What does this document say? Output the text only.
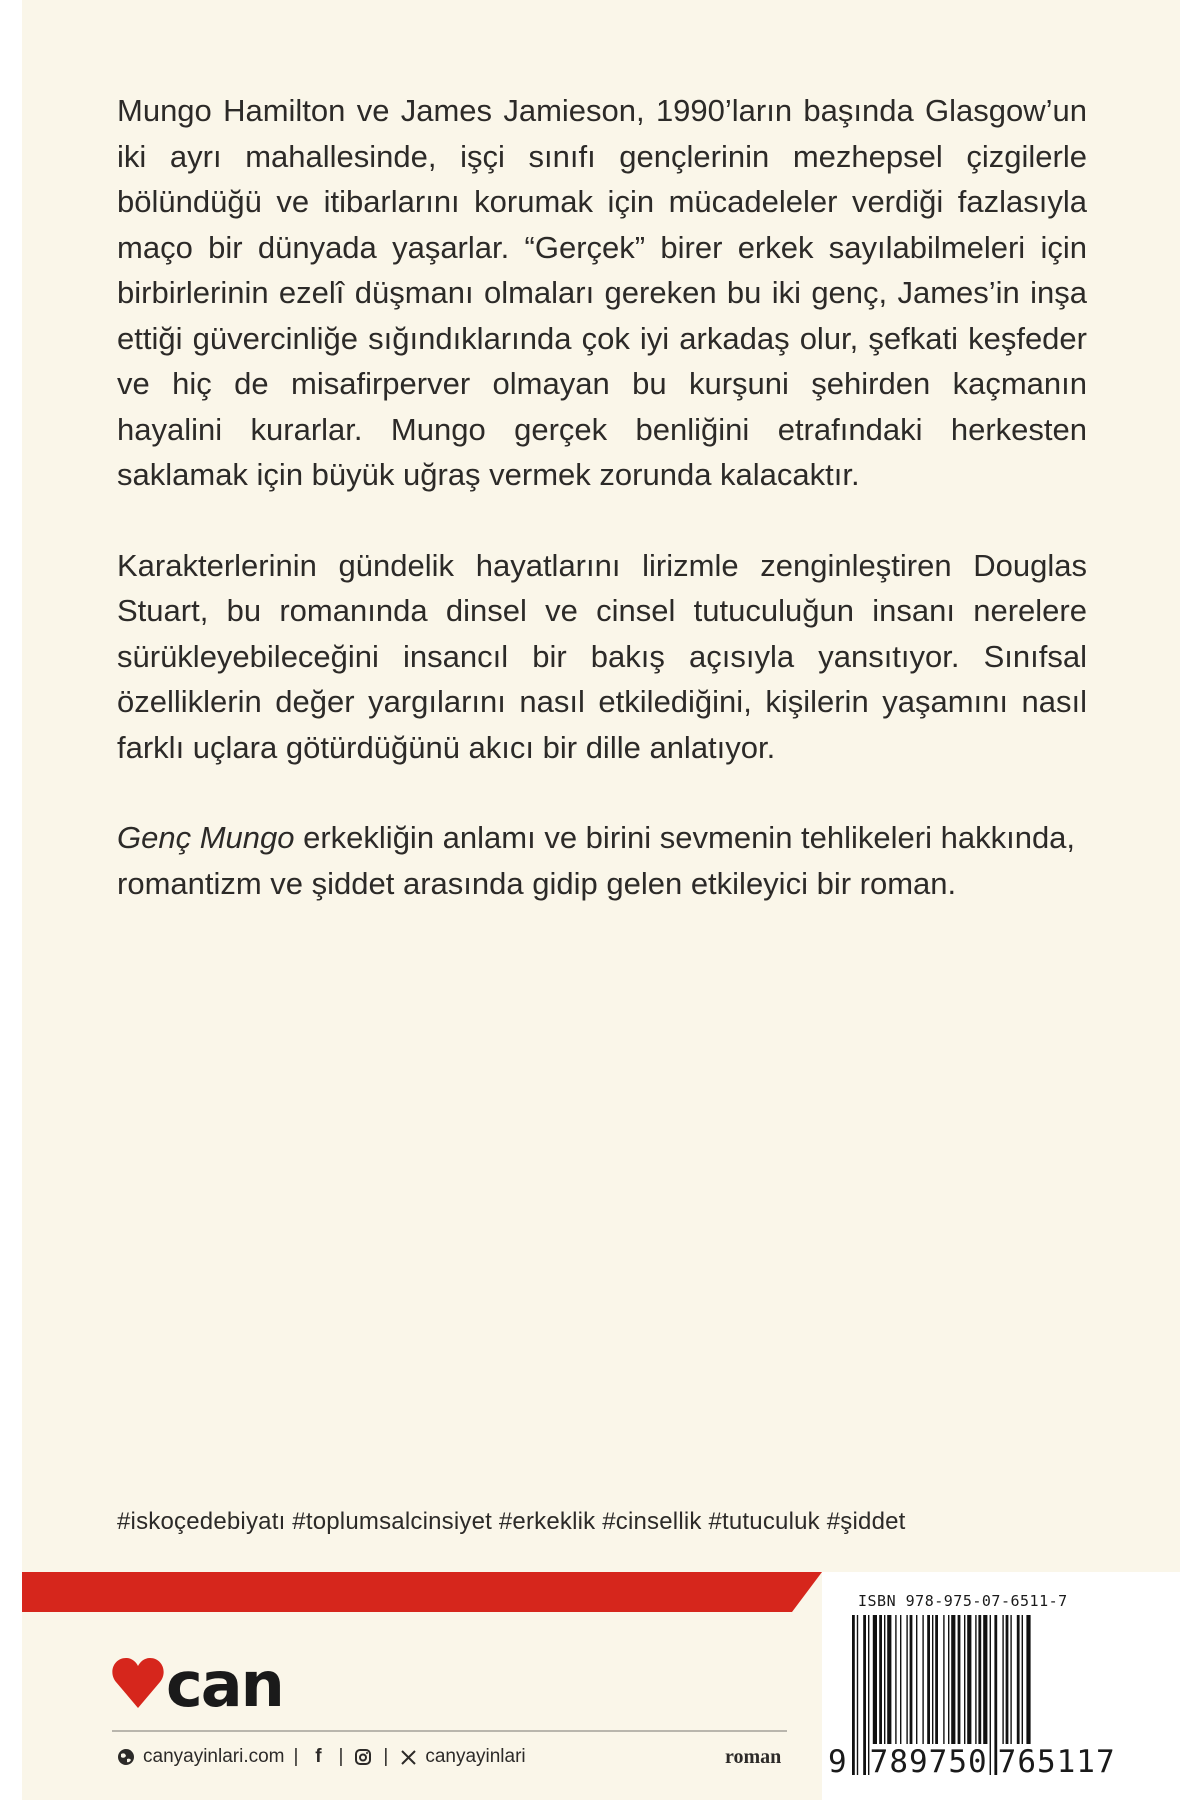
Mungo Hamilton ve James Jamieson, 1990’ların başında Glasgow’un iki ayrı mahallesinde, işçi sınıfı gençlerinin mezhepsel çizgilerle bölündüğü ve itibarlarını korumak için mücadeleler verdiği fazlasıyla maço bir dünyada yaşarlar. “Gerçek” birer erkek sayılabilmeleri için birbirlerinin ezelî düşmanı olmaları gereken bu iki genç, James’in inşa ettiği güvercinliğe sığındıklarında çok iyi arkadaş olur, şefkati keşfeder ve hiç de misafirperver olmayan bu kurşuni şehirden kaçmanın hayalini kurarlar. Mungo gerçek benliğini etrafındaki herkesten saklamak için büyük uğraş vermek zorunda kalacaktır.

Karakterlerinin gündelik hayatlarını lirizmle zenginleştiren Douglas Stuart, bu romanında dinsel ve cinsel tutuculuğun insanı nerelere sürükleyebileceğini insancıl bir bakış açısıyla yansıtıyor. Sınıfsal özelliklerin değer yargılarını nasıl etkilediğini, kişilerin yaşamını nasıl farklı uçlara götürdüğünü akıcı bir dille anlatıyor.

Genç Mungo erkekliğin anlamı ve birini sevmenin tehlikeleri hakkında, romantizm ve şiddet arasında gidip gelen etkileyici bir roman.

#iskoçedebiyatı #toplumsalcinsiyet #erkeklik #cinsellik #tutuculuk #şiddet
can
canyayinlari.com | f | | canyayinlari	roman
ISBN 978-975-07-6511-7
9 789750 765117
